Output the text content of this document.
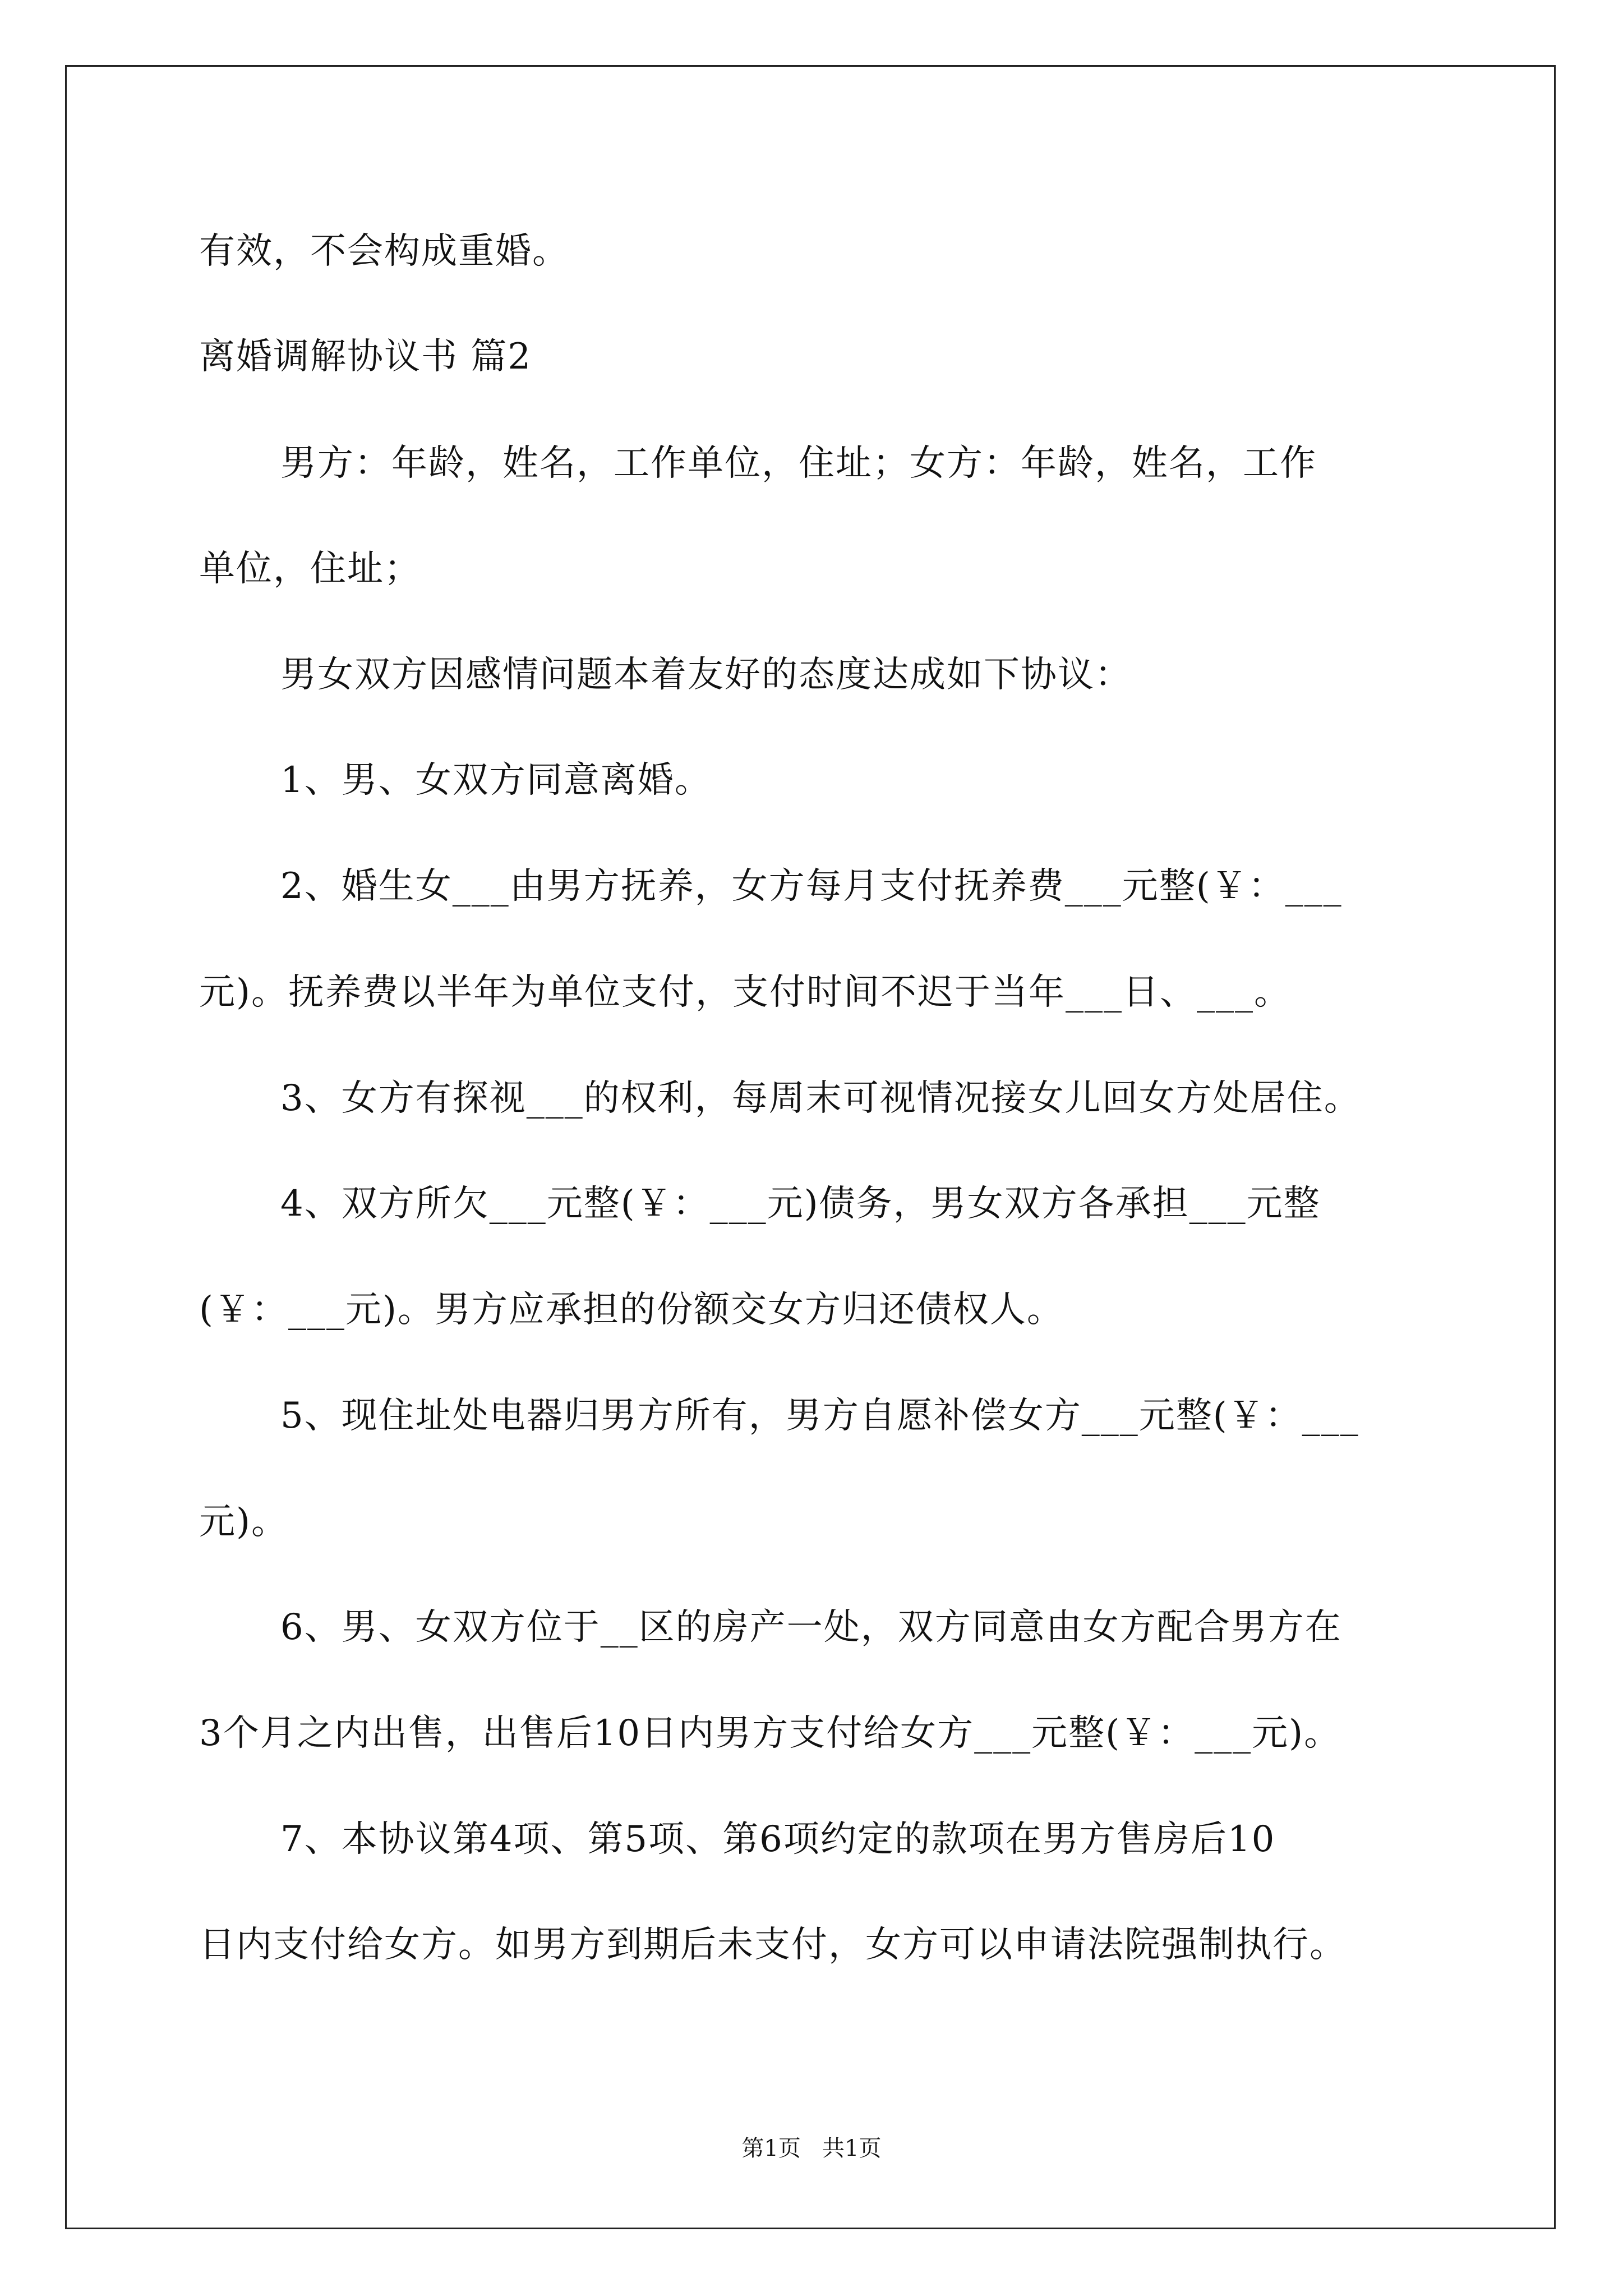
有效，不会构成重婚。
离婚调解协议书 篇2
男方：年龄，姓名，工作单位，住址；女方：年龄，姓名，工作
单位，住址；
男女双方因感情问题本着友好的态度达成如下协议：
1、男、女双方同意离婚。
2、婚生女___由男方抚养，女方每月支付抚养费___元整(￥：___
元)。抚养费以半年为单位支付，支付时间不迟于当年___日、___。
3、女方有探视___的权利，每周末可视情况接女儿回女方处居住。
4、双方所欠___元整(￥：___元)债务，男女双方各承担___元整
(￥：___元)。男方应承担的份额交女方归还债权人。
5、现住址处电器归男方所有，男方自愿补偿女方___元整(￥：___
元)。
6、男、女双方位于__区的房产一处，双方同意由女方配合男方在
3个月之内出售，出售后10日内男方支付给女方___元整(￥：___元)。
7、本协议第4项、第5项、第6项约定的款项在男方售房后10
日内支付给女方。如男方到期后未支付，女方可以申请法院强制执行。
第1页   共1页
